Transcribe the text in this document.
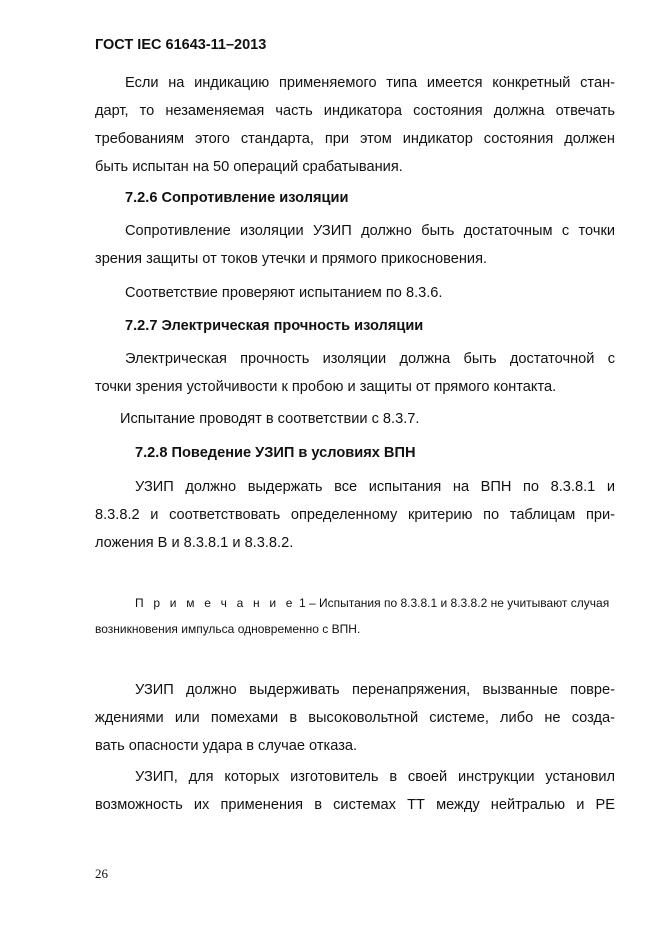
ГОСТ IEC 61643-11–2013
Если на индикацию применяемого типа имеется конкретный стан-
дарт, то незаменяемая часть индикатора состояния должна отвечать
требованиям этого стандарта, при этом индикатор состояния должен
быть испытан на 50 операций срабатывания.
7.2.6 Сопротивление изоляции
Сопротивление изоляции УЗИП должно быть достаточным с точки
зрения защиты от токов утечки и прямого прикосновения.
Соответствие проверяют испытанием по 8.3.6.
7.2.7 Электрическая прочность изоляции
Электрическая прочность изоляции должна быть достаточной с
точки зрения устойчивости к пробою и защиты от прямого контакта.
Испытание проводят в соответствии с 8.3.7.
7.2.8 Поведение УЗИП в условиях ВПН
УЗИП должно выдержать все испытания на ВПН по 8.3.8.1 и
8.3.8.2 и соответствовать определенному критерию по таблицам при-
ложения В и 8.3.8.1 и 8.3.8.2.
П р и м е ч а н и е 1 – Испытания по 8.3.8.1 и 8.3.8.2 не учитывают случая
возникновения импульса одновременно с ВПН.
УЗИП должно выдерживать перенапряжения, вызванные повре-
ждениями или помехами в высоковольтной системе, либо не созда-
вать опасности удара в случае отказа.
УЗИП, для которых изготовитель в своей инструкции установил
возможность их применения в системах ТТ между нейтралью и PE
26
